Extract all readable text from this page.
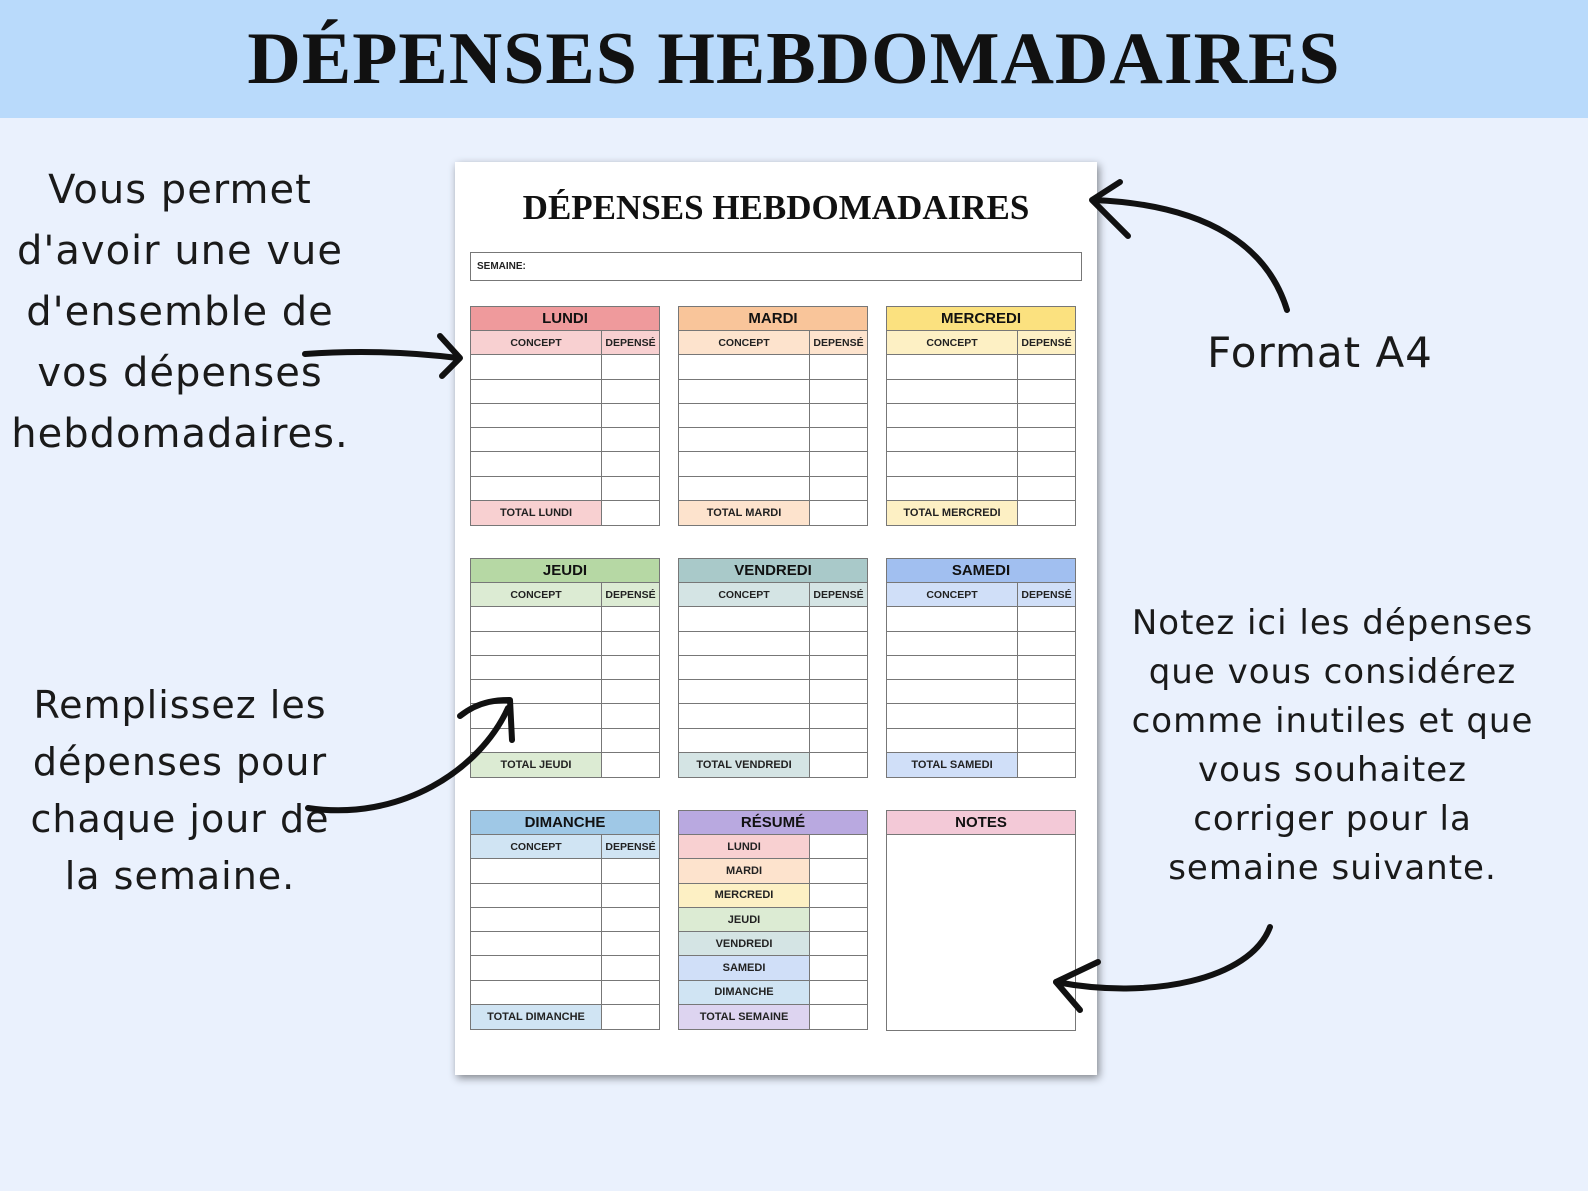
DÉPENSES HEBDOMADAIRES
Vous permet d'avoir une vue d'ensemble de vos dépenses hebdomadaires.
Remplissez les dépenses pour chaque jour de la semaine.
Format A4
Notez ici les dépenses que vous considérez comme inutiles et que vous souhaitez corriger pour la semaine suivante.
DÉPENSES HEBDOMADAIRES
SEMAINE:
LUNDI
CONCEPT	DEPENSÉ
TOTAL LUNDI
MARDI
CONCEPT	DEPENSÉ
TOTAL MARDI
MERCREDI
CONCEPT	DEPENSÉ
TOTAL MERCREDI
JEUDI
CONCEPT	DEPENSÉ
TOTAL JEUDI
VENDREDI
CONCEPT	DEPENSÉ
TOTAL VENDREDI
SAMEDI
CONCEPT	DEPENSÉ
TOTAL SAMEDI
DIMANCHE
CONCEPT	DEPENSÉ
TOTAL DIMANCHE
RÉSUMÉ
LUNDI
MARDI
MERCREDI
JEUDI
VENDREDI
SAMEDI
DIMANCHE
TOTAL SEMAINE
NOTES
